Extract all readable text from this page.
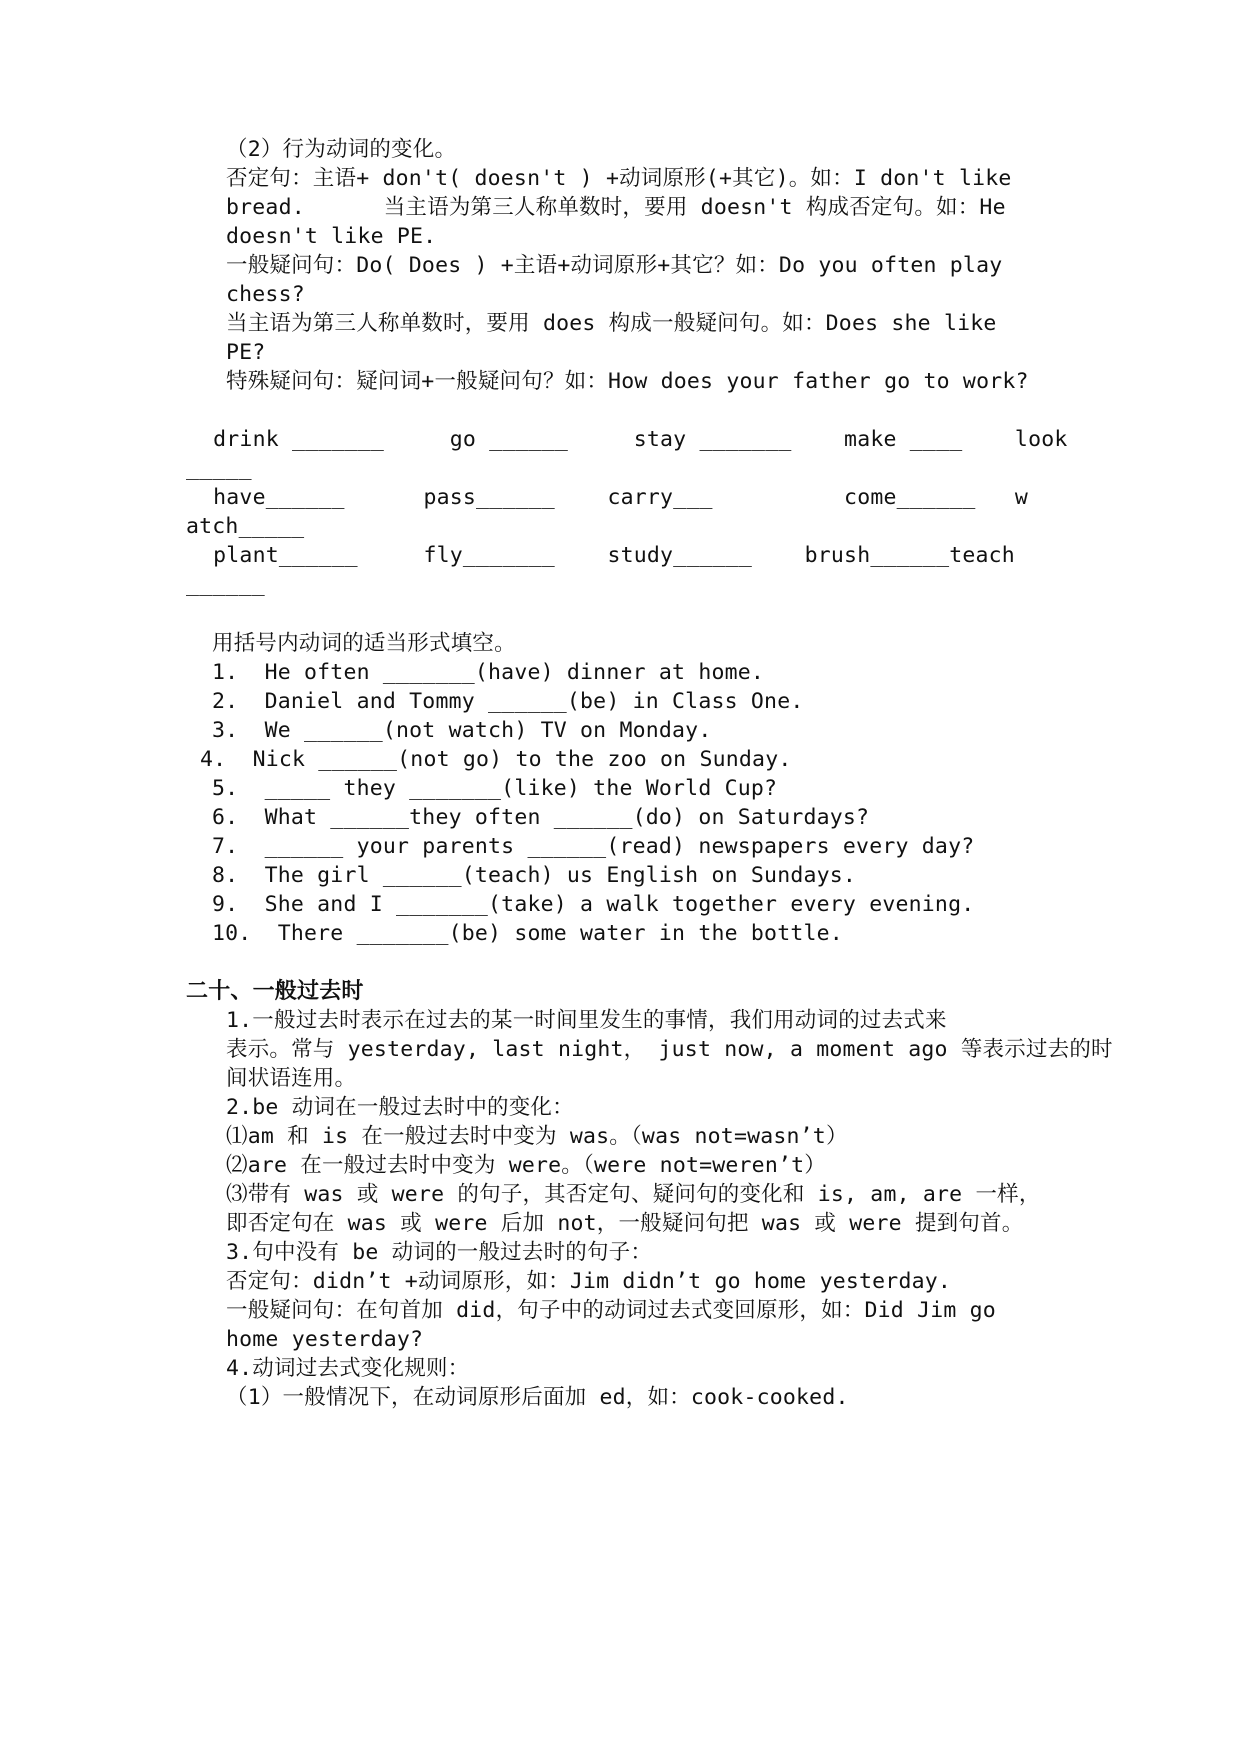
（2）行为动词的变化。
否定句：主语+ don't( doesn't ) +动词原形(+其它)。如：I don't like
bread.      当主语为第三人称单数时，要用 doesn't 构成否定句。如：He
doesn't like PE.
一般疑问句：Do( Does ) +主语+动词原形+其它？如：Do you often play
chess?
当主语为第三人称单数时，要用 does 构成一般疑问句。如：Does she like
PE?
特殊疑问句：疑问词+一般疑问句？如：How does your father go to work?
drink _______     go ______     stay _______    make ____    look
_____
have______      pass______    carry___          come______   w
atch_____
plant______     fly_______    study______    brush______teach
______
用括号内动词的适当形式填空。
1.  He often _______(have) dinner at home.
2.  Daniel and Tommy ______(be) in Class One.
3.  We ______(not watch) TV on Monday.
4.  Nick ______(not go) to the zoo on Sunday.
5.  _____ they _______(like) the World Cup?
6.  What ______they often ______(do) on Saturdays?
7.  ______ your parents ______(read) newspapers every day?
8.  The girl ______(teach) us English on Sundays.
9.  She and I _______(take) a walk together every evening.
10.  There _______(be) some water in the bottle.
二十、一般过去时
1.一般过去时表示在过去的某一时间里发生的事情，我们用动词的过去式来
表示。常与 yesterday, last night， just now, a moment ago 等表示过去的时
间状语连用。
2.be 动词在一般过去时中的变化：
⑴am 和 is 在一般过去时中变为 was。（was not=wasn’t）
⑵are 在一般过去时中变为 were。（were not=weren’t）
⑶带有 was 或 were 的句子，其否定句、疑问句的变化和 is, am, are 一样，
即否定句在 was 或 were 后加 not，一般疑问句把 was 或 were 提到句首。
3.句中没有 be 动词的一般过去时的句子：
否定句：didn’t +动词原形，如：Jim didn’t go home yesterday.
一般疑问句：在句首加 did，句子中的动词过去式变回原形，如：Did Jim go
home yesterday?
4.动词过去式变化规则：
（1）一般情况下，在动词原形后面加 ed，如：cook-cooked.
